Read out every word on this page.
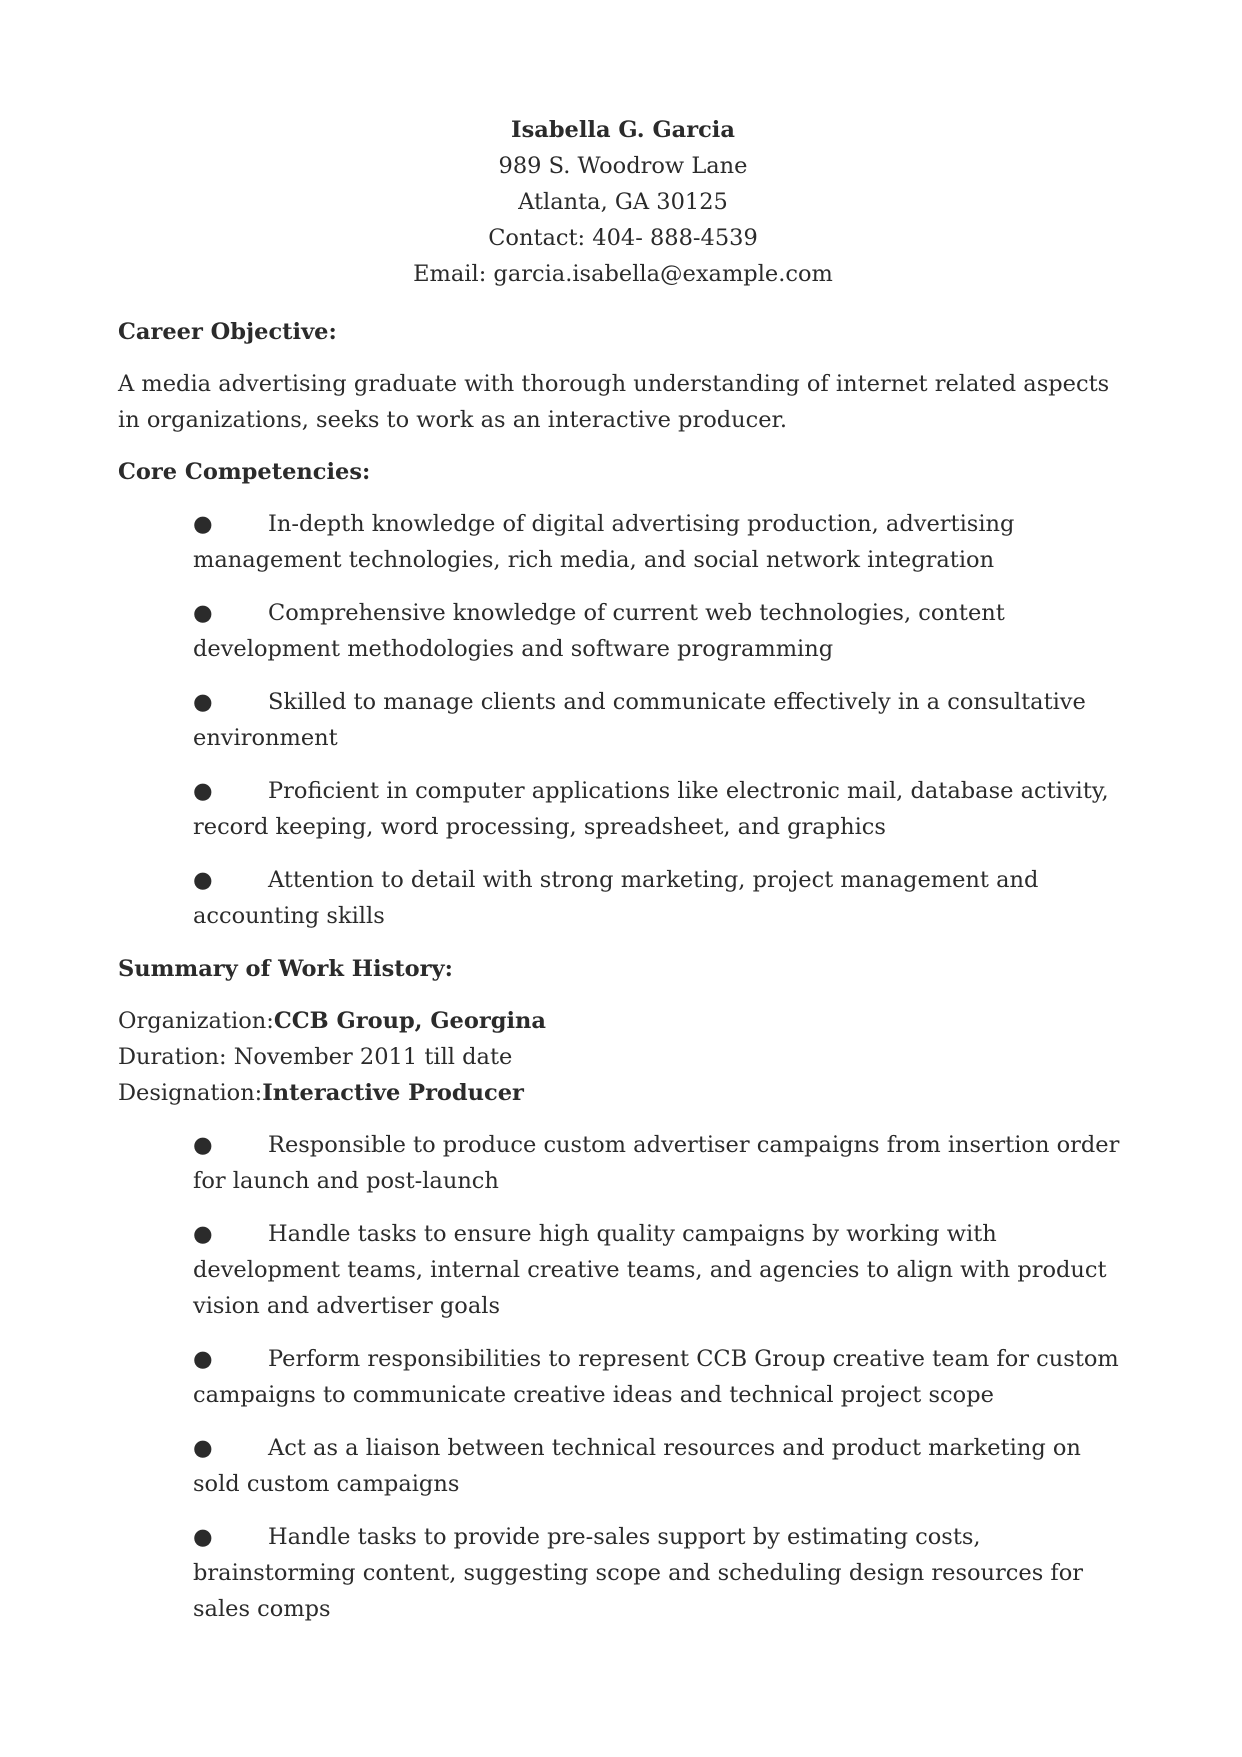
Isabella G. Garcia
989 S. Woodrow Lane
Atlanta, GA 30125
Contact: 404- 888-4539
Email: garcia.isabella@example.com
Career Objective:

A media advertising graduate with thorough understanding of internet related aspects in organizations, seeks to work as an interactive producer.

Core Competencies:
● In-depth knowledge of digital advertising production, advertising management technologies, rich media, and social network integration
● Comprehensive knowledge of current web technologies, content development methodologies and software programming
● Skilled to manage clients and communicate effectively in a consultative environment
● Proficient in computer applications like electronic mail, database activity, record keeping, word processing, spreadsheet, and graphics
● Attention to detail with strong marketing, project management and accounting skills
Summary of Work History:
Organization:CCB Group, Georgina
Duration: November 2011 till date
Designation:Interactive Producer
● Responsible to produce custom advertiser campaigns from insertion order for launch and post-launch
● Handle tasks to ensure high quality campaigns by working with development teams, internal creative teams, and agencies to align with product vision and advertiser goals
● Perform responsibilities to represent CCB Group creative team for custom campaigns to communicate creative ideas and technical project scope
● Act as a liaison between technical resources and product marketing on sold custom campaigns
● Handle tasks to provide pre-sales support by estimating costs, brainstorming content, suggesting scope and scheduling design resources for sales comps
